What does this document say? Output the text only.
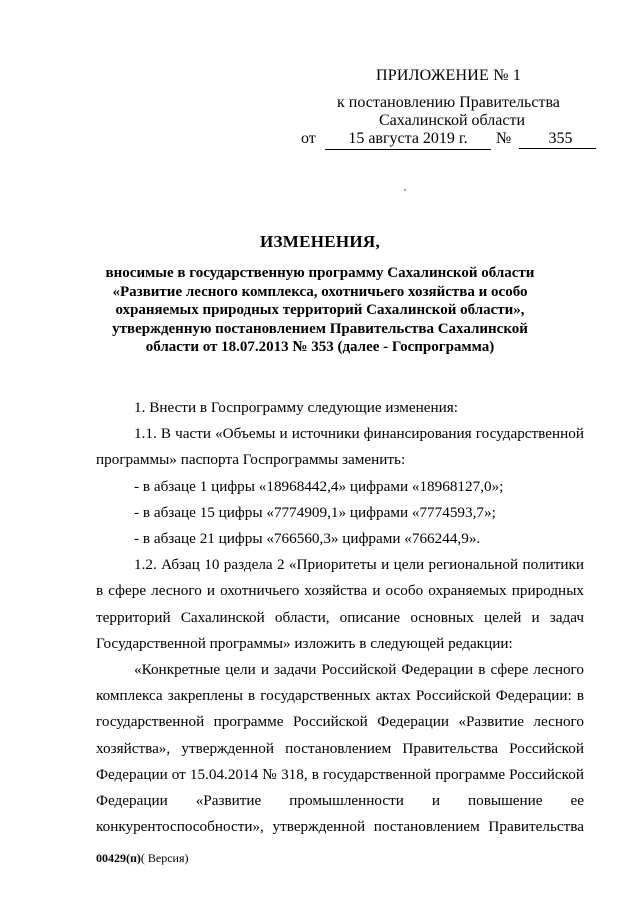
ПРИЛОЖЕНИЕ № 1
к постановлению Правительства
Сахалинской области
от	15 августа 2019 г.	№	355
ИЗМЕНЕНИЯ,
вносимые в государственную программу Сахалинской области
«Развитие лесного комплекса, охотничьего хозяйства и особо
охраняемых природных территорий Сахалинской области»,
утвержденную постановлением Правительства Сахалинской
области от 18.07.2013 № 353 (далее - Госпрограмма)

1. Внести в Госпрограмму следующие изменения:

1.1. В части «Объемы и источники финансирования государственной программы» паспорта Госпрограммы заменить:

- в абзаце 1 цифры «18968442,4» цифрами «18968127,0»;

- в абзаце 15 цифры «7774909,1» цифрами «7774593,7»;

- в абзаце 21 цифры «766560,3» цифрами «766244,9».

1.2. Абзац 10 раздела 2 «Приоритеты и цели региональной политики в сфере лесного и охотничьего хозяйства и особо охраняемых природных территорий Сахалинской области, описание основных целей и задач Государственной программы» изложить в следующей редакции:

«Конкретные цели и задачи Российской Федерации в сфере лесного комплекса закреплены в государственных актах Российской Федерации: в государственной программе Российской Федерации «Развитие лесного хозяйства», утвержденной постановлением Правительства Российской Федерации от 15.04.2014 № 318, в государственной программе Российской Федерации «Развитие промышленности и повышение ее конкурентоспособности», утвержденной постановлением Правительства

00429(п)( Версия)
